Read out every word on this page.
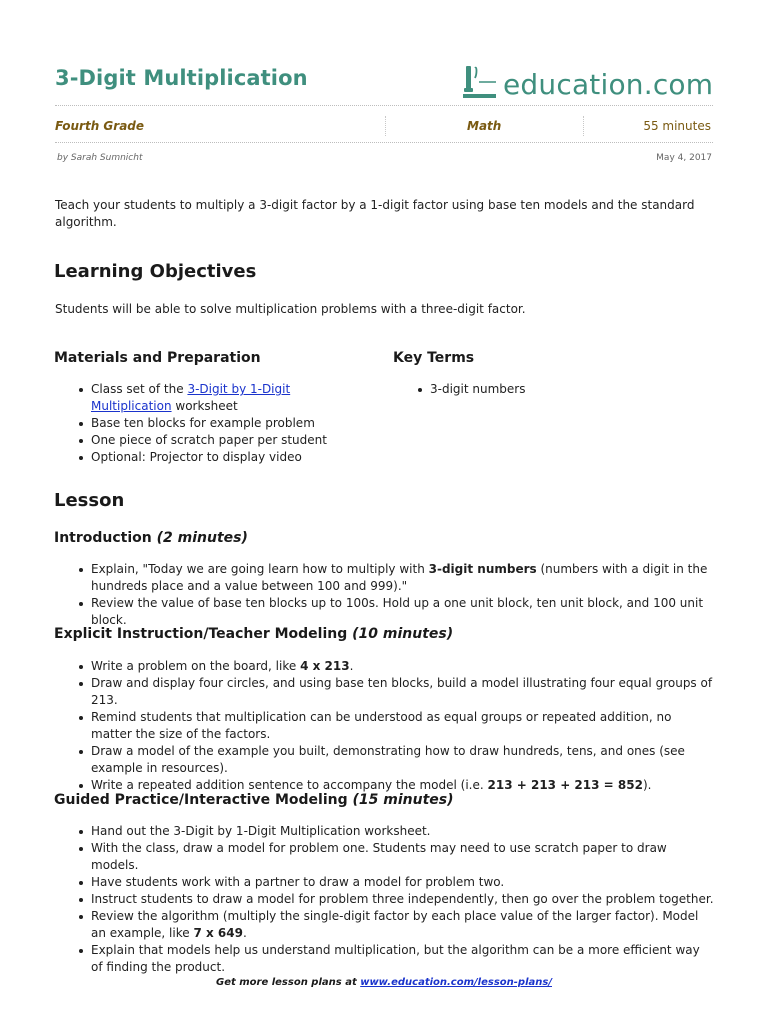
3-Digit Multiplication	education.com
Fourth Grade	Math	55 minutes
by Sarah Sumnicht	May 4, 2017
Teach your students to multiply a 3-digit factor by a 1-digit factor using base ten models and the standard algorithm.
Learning Objectives
Students will be able to solve multiplication problems with a three-digit factor.
Materials and Preparation
Class set of the 3-Digit by 1-Digit Multiplication worksheet
Base ten blocks for example problem
One piece of scratch paper per student
Optional: Projector to display video
Key Terms
3-digit numbers
Lesson
Introduction (2 minutes)
Explain, "Today we are going learn how to multiply with 3-digit numbers (numbers with a digit in the hundreds place and a value between 100 and 999)."
Review the value of base ten blocks up to 100s. Hold up a one unit block, ten unit block, and 100 unit block.
Explicit Instruction/Teacher Modeling (10 minutes)
Write a problem on the board, like 4 x 213.
Draw and display four circles, and using base ten blocks, build a model illustrating four equal groups of 213.
Remind students that multiplication can be understood as equal groups or repeated addition, no matter the size of the factors.
Draw a model of the example you built, demonstrating how to draw hundreds, tens, and ones (see example in resources).
Write a repeated addition sentence to accompany the model (i.e. 213 + 213 + 213 = 852).
Guided Practice/Interactive Modeling (15 minutes)
Hand out the 3-Digit by 1-Digit Multiplication worksheet.
With the class, draw a model for problem one. Students may need to use scratch paper to draw models.
Have students work with a partner to draw a model for problem two.
Instruct students to draw a model for problem three independently, then go over the problem together.
Review the algorithm (multiply the single-digit factor by each place value of the larger factor). Model an example, like 7 x 649.
Explain that models help us understand multiplication, but the algorithm can be a more efficient way of finding the product.
Get more lesson plans at www.education.com/lesson-plans/
